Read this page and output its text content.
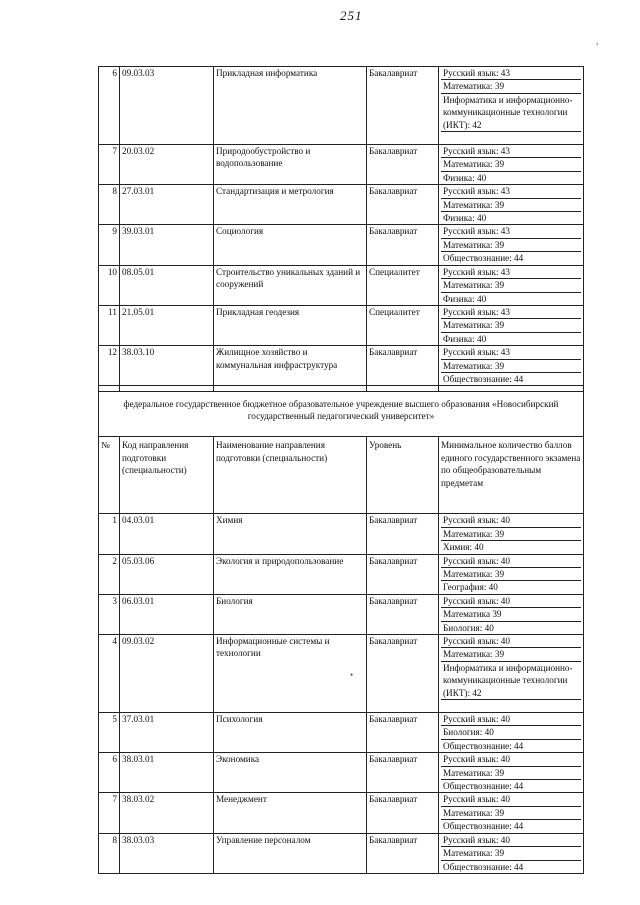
251
,
•
6	09.03.03	Прикладная информатика	Бакалавриат	Русский язык: 43
Математика: 39
Информатика и информационно-коммуникационные технологии (ИКТ): 42

7	20.03.02	Природообустройство и водопользование	Бакалавриат	Русский язык: 43
Математика: 39
Физика: 40

8	27.03.01	Стандартизация и метрология	Бакалавриат	Русский язык: 43
Математика: 39
Физика: 40

9	39.03.01	Социология	Бакалавриат	Русский язык: 43
Математика: 39
Обществознание: 44

10	08.05.01	Строительство уникальных зданий и сооружений	Специалитет	Русский язык: 43
Математика: 39
Физика: 40

11	21.05.01	Прикладная геодезия	Специалитет	Русский язык: 43
Математика: 39
Физика: 40

12	38.03.10	Жилищное хозяйство и коммунальная инфраструктура	Бакалавриат	Русский язык: 43
Математика: 39
Обществознание: 44

федеральное государственное бюджетное образовательное учреждение высшего образования «Новосибирский государственный педагогический университет»				
№	Код направления подготовки (специальности)	Наименование направления подготовки (специальности)	Уровень	Минимальное количество баллов единого государственного экзамена по общеобразовательным предметам
1	04.03.01	Химия	Бакалавриат	Русский язык: 40
Математика: 39
Химия: 40

2	05.03.06	Экология и природопользование	Бакалавриат	Русский язык: 40
Математика: 39
География: 40

3	06.03.01	Биология	Бакалавриат	Русский язык: 40
Математика 39
Биология: 40

4	09.03.02	Информационные системы и технологии	Бакалавриат	Русский язык: 40
Математика: 39
Информатика и информационно-коммуникационные технологии (ИКТ): 42

5	37.03.01	Психология	Бакалавриат	Русский язык: 40
Биология: 40
Обществознание: 44

6	38.03.01	Экономика	Бакалавриат	Русский язык: 40
Математика: 39
Обществознание: 44

7	38.03.02	Менеджмент	Бакалавриат	Русский язык: 40
Математика: 39
Обществознание: 44

8	38.03.03	Управление персоналом	Бакалавриат	Русский язык: 40
Математика: 39
Обществознание: 44
